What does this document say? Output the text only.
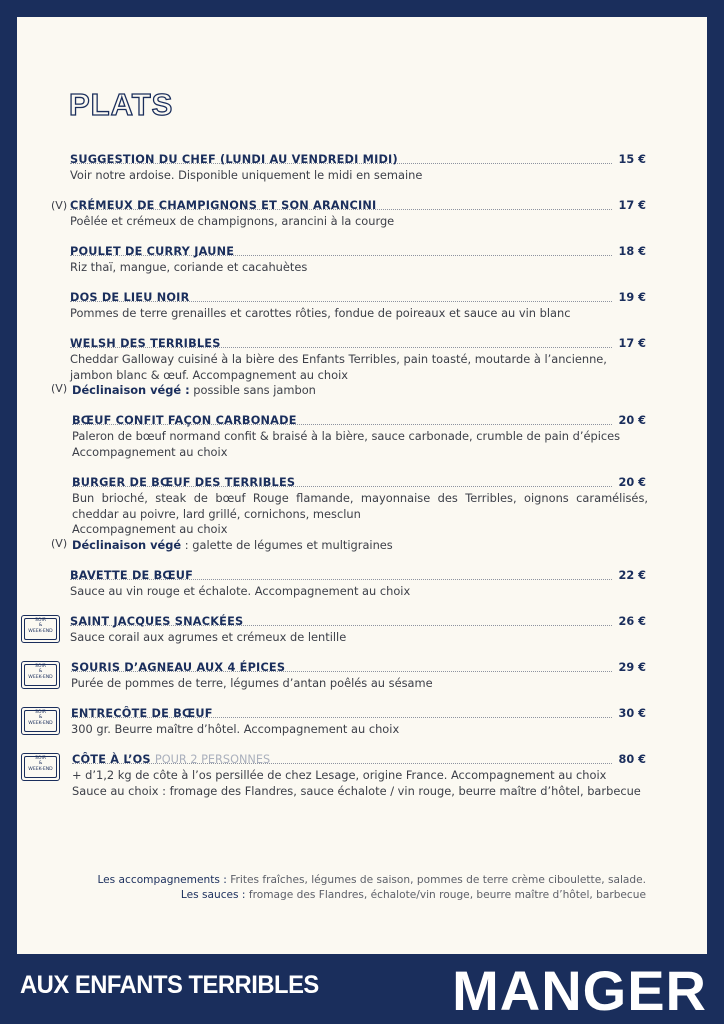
PLATS
SUGGESTION DU CHEF (LUNDI AU VENDREDI MIDI)	15 €
Voir notre ardoise. Disponible uniquement le midi en semaine
(V) CRÉMEUX DE CHAMPIGNONS ET SON ARANCINI	17 €
Poêlée et crémeux de champignons, arancini à la courge
POULET DE CURRY JAUNE	18 €
Riz thaï, mangue, coriande et cacahuètes
DOS DE LIEU NOIR	19 €
Pommes de terre grenailles et carottes rôties, fondue de poireaux et sauce au vin blanc
WELSH DES TERRIBLES	17 €
Cheddar Galloway cuisiné à la bière des Enfants Terribles, pain toasté, moutarde à l’ancienne, jambon blanc & œuf. Accompagnement au choix
(V) Déclinaison végé : possible sans jambon
BŒUF CONFIT FAÇON CARBONADE	20 €
Paleron de bœuf normand confit & braisé à la bière, sauce carbonade, crumble de pain d’épices Accompagnement au choix
BURGER DE BŒUF DES TERRIBLES	20 €
Bun brioché, steak de bœuf Rouge flamande, mayonnaise des Terribles, oignons caramélisés, cheddar au poivre, lard grillé, cornichons, mesclun
Accompagnement au choix
(V) Déclinaison végé : galette de légumes et multigraines
BAVETTE DE BŒUF	22 €
Sauce au vin rouge et échalote. Accompagnement au choix
SOIR
&
WEEK-END
SAINT JACQUES SNACKÉES	26 €
Sauce corail aux agrumes et crémeux de lentille
SOIR
&
WEEK-END
SOURIS D’AGNEAU AUX 4 ÉPICES	29 €
Purée de pommes de terre, légumes d’antan poêlés au sésame
SOIR
&
WEEK-END
ENTRECÔTE DE BŒUF	30 €
300 gr. Beurre maître d’hôtel. Accompagnement au choix
SOIR
&
WEEK-END
CÔTE À L’OS POUR 2 PERSONNES	80 €
+ d’1,2 kg de côte à l’os persillée de chez Lesage, origine France. Accompagnement au choix
Sauce au choix : fromage des Flandres, sauce échalote / vin rouge, beurre maître d’hôtel, barbecue
Les accompagnements : Frites fraîches, légumes de saison, pommes de terre crème ciboulette, salade.
Les sauces : fromage des Flandres, échalote/vin rouge, beurre maître d’hôtel, barbecue
AUX ENFANTS TERRIBLES MANGER
